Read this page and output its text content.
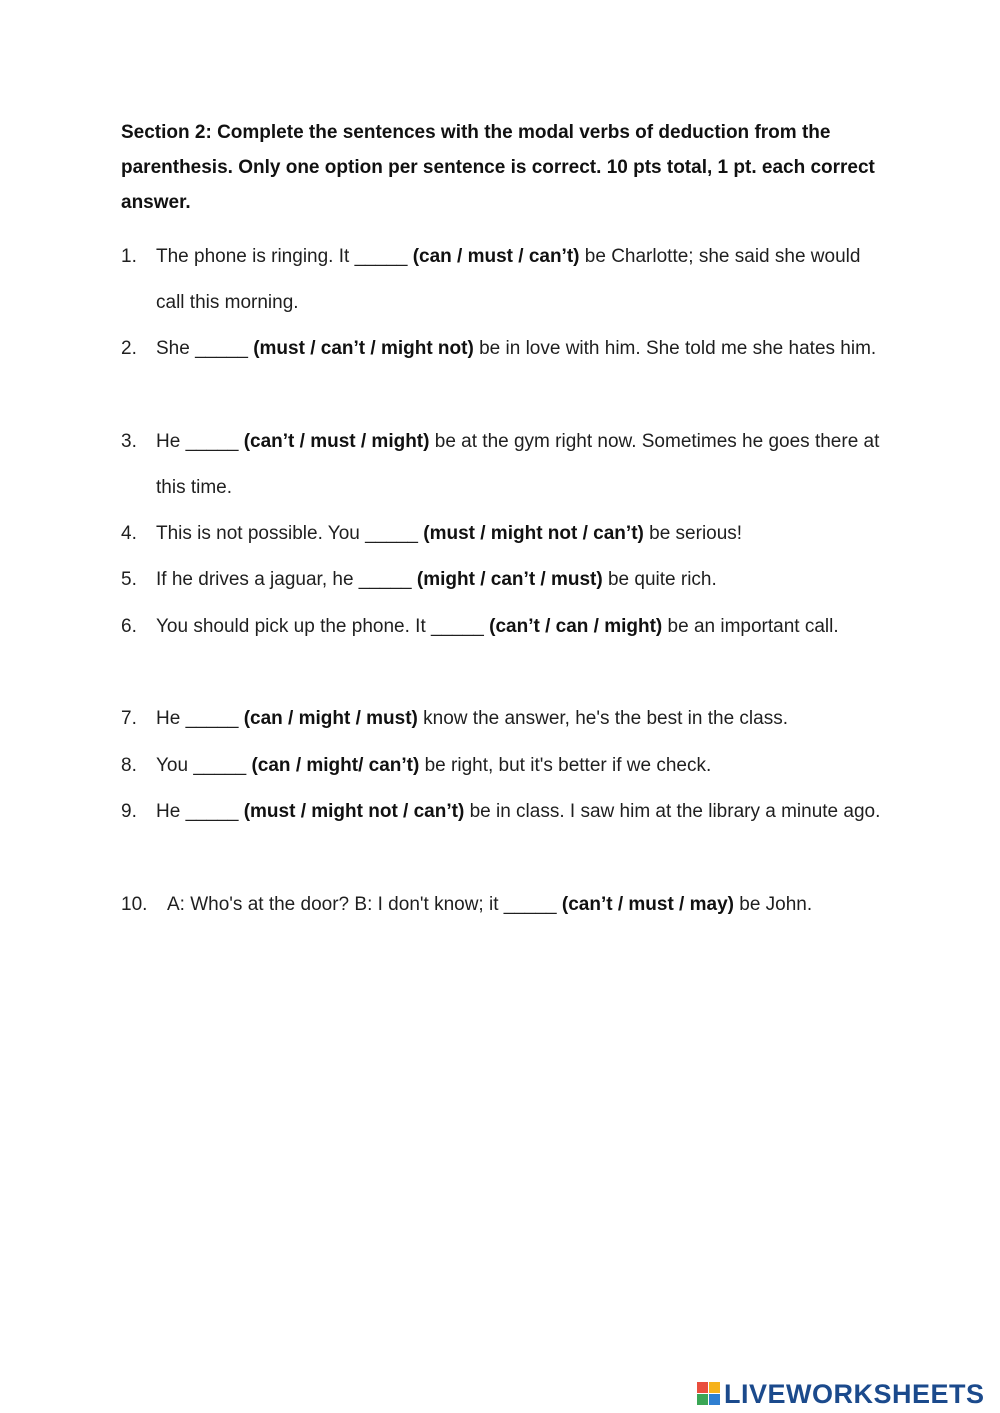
Section 2: Complete the sentences with the modal verbs of deduction from the parenthesis. Only one option per sentence is correct. 10 pts total, 1 pt. each correct answer.
1. The phone is ringing. It _____ (can / must / can’t) be Charlotte; she said she would call this morning.
2. She _____ (must / can’t / might not) be in love with him. She told me she hates him.
3. He _____ (can’t / must / might) be at the gym right now. Sometimes he goes there at this time.
4. This is not possible. You _____ (must / might not / can’t) be serious!
5. If he drives a jaguar, he _____ (might / can’t / must) be quite rich.
6. You should pick up the phone. It _____ (can’t / can / might) be an important call.
7. He _____ (can / might / must) know the answer, he's the best in the class.
8. You _____ (can / might/ can’t) be right, but it's better if we check.
9. He _____ (must / might not / can’t) be in class. I saw him at the library a minute ago.
10. A: Who's at the door? B: I don't know; it _____ (can’t / must / may) be John.
LIVEWORKSHEETS
